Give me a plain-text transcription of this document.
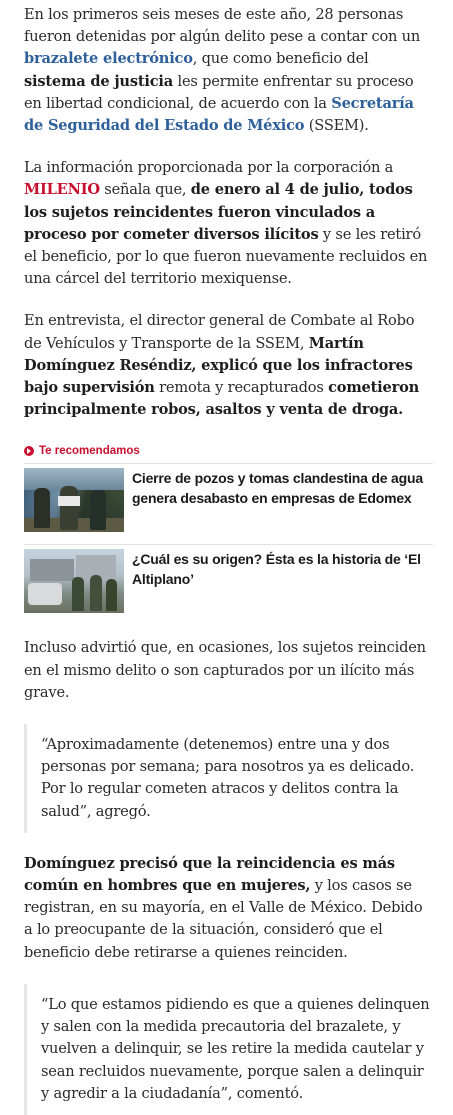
En los primeros seis meses de este año, 28 personas fueron detenidas por algún delito pese a contar con un brazalete electrónico, que como beneficio del sistema de justicia les permite enfrentar su proceso en libertad condicional, de acuerdo con la Secretaría de Seguridad del Estado de México (SSEM).

La información proporcionada por la corporación a MILENIO señala que, de enero al 4 de julio, todos los sujetos reincidentes fueron vinculados a proceso por cometer diversos ilícitos y se les retiró el beneficio, por lo que fueron nuevamente recluidos en una cárcel del territorio mexiquense.

En entrevista, el director general de Combate al Robo de Vehículos y Transporte de la SSEM, Martín Domínguez Reséndiz, explicó que los infractores bajo supervisión remota y recapturados cometieron principalmente robos, asaltos y venta de droga.

Te recomendamos
Cierre de pozos y tomas clandestina de agua genera desabasto en empresas de Edomex
¿Cuál es su origen? Ésta es la historia de ‘El Altiplano’

Incluso advirtió que, en ocasiones, los sujetos reinciden en el mismo delito o son capturados por un ilícito más grave.

“Aproximadamente (detenemos) entre una y dos personas por semana; para nosotros ya es delicado. Por lo regular cometen atracos y delitos contra la salud”, agregó.

Domínguez precisó que la reincidencia es más común en hombres que en mujeres, y los casos se registran, en su mayoría, en el Valle de México. Debido a lo preocupante de la situación, consideró que el beneficio debe retirarse a quienes reinciden.

“Lo que estamos pidiendo es que a quienes delinquen y salen con la medida precautoria del brazalete, y vuelven a delinquir, se les retire la medida cautelar y sean recluidos nuevamente, porque salen a delinquir y agredir a la ciudadanía”, comentó.
